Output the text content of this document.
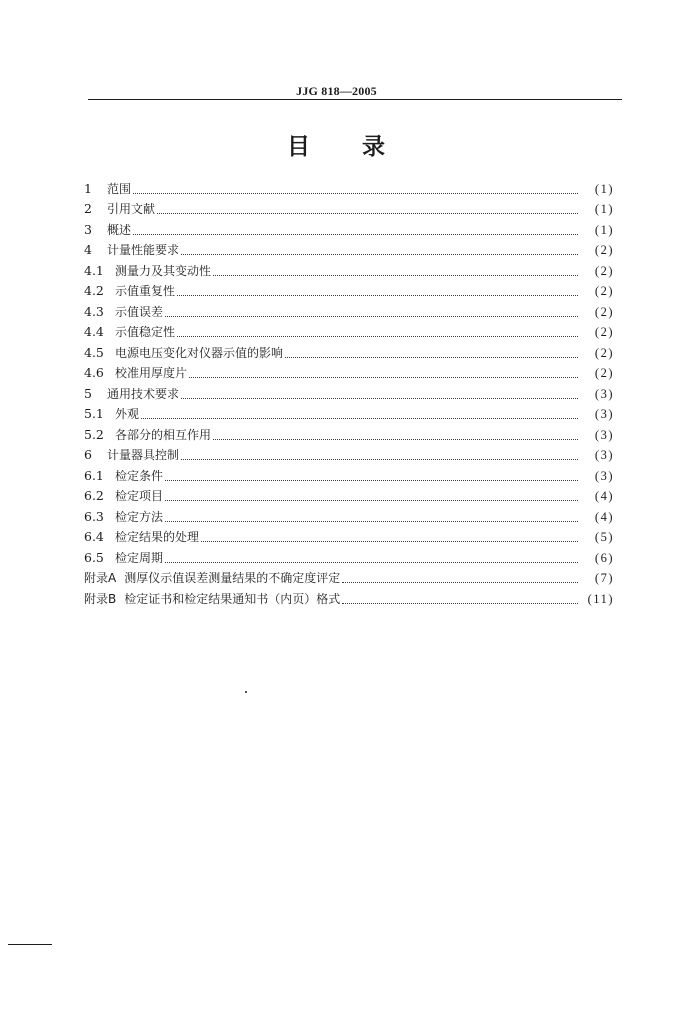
JJG 818—2005
目 录
1	范围	(1)
2	引用文献	(1)
3	概述	(1)
4	计量性能要求	(2)
4.1 测量力及其变动性	(2)
4.2 示值重复性	(2)
4.3 示值误差	(2)
4.4 示值稳定性	(2)
4.5 电源电压变化对仪器示值的影响	(2)
4.6 校准用厚度片	(2)
5	通用技术要求	(3)
5.1 外观	(3)
5.2 各部分的相互作用	(3)
6	计量器具控制	(3)
6.1 检定条件	(3)
6.2 检定项目	(4)
6.3 检定方法	(4)
6.4 检定结果的处理	(5)
6.5 检定周期	(6)
附录A 测厚仪示值误差测量结果的不确定度评定	(7)
附录B 检定证书和检定结果通知书（内页）格式	(11)
